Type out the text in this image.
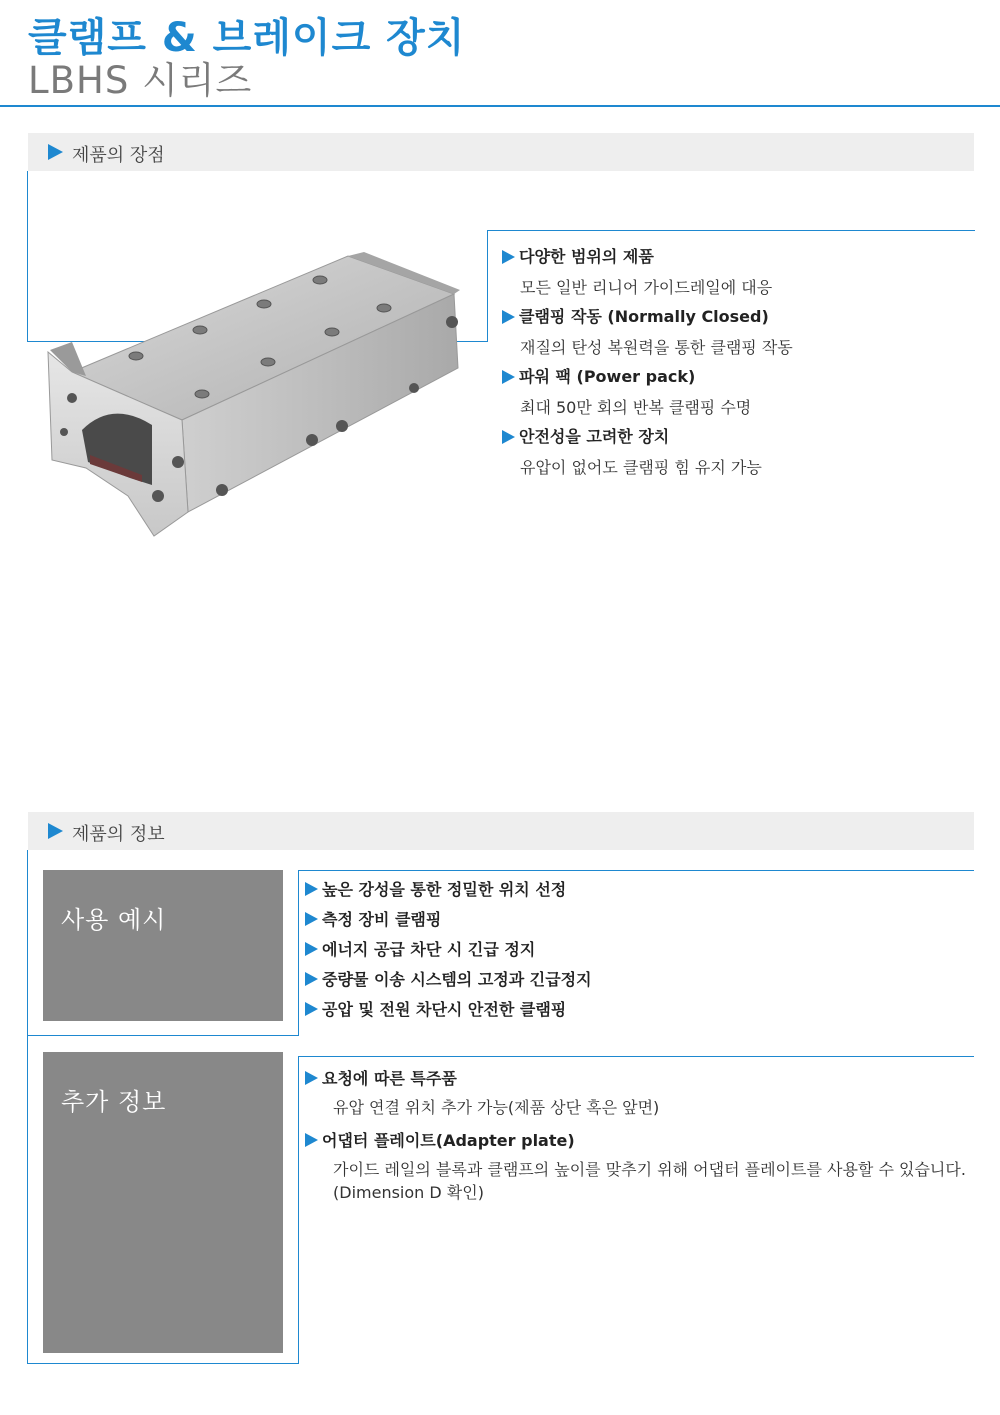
클램프 & 브레이크 장치
LBHS 시리즈
제품의 장점
다양한 범위의 제품
모든 일반 리니어 가이드레일에 대응
클램핑 작동 (Normally Closed)
재질의 탄성 복원력을 통한 클램핑 작동
파워 팩 (Power pack)
최대 50만 회의 반복 클램핑 수명
안전성을 고려한 장치
유압이 없어도 클램핑 힘 유지 가능
제품의 정보
사용 예시
높은 강성을 통한 정밀한 위치 선정
측정 장비 클램핑
에너지 공급 차단 시 긴급 정지
중량물 이송 시스템의 고정과 긴급정지
공압 및 전원 차단시 안전한 클램핑
추가 정보
요청에 따른 특주품
유압 연결 위치 추가 가능(제품 상단 혹은 앞면)
어댑터 플레이트(Adapter plate)
가이드 레일의 블록과 클램프의 높이를 맞추기 위해 어댑터 플레이트를 사용할 수 있습니다.
(Dimension D 확인)
